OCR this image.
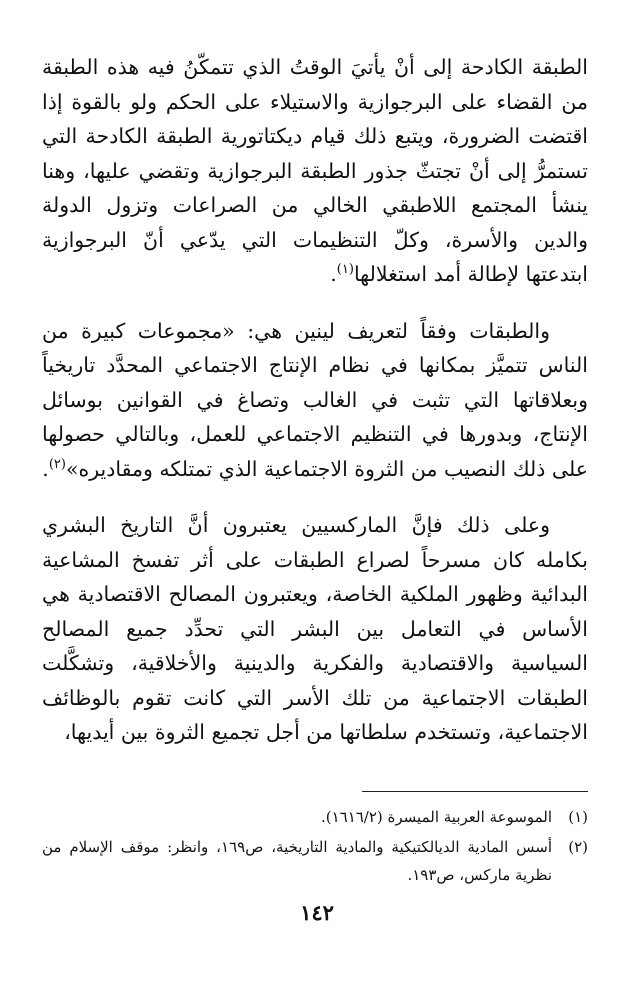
الطبقة الكادحة إلى أنْ يأتيَ الوقتُ الذي تتمكّنُ فيه هذه الطبقة من القضاء على البرجوازية والاستيلاء على الحكم ولو بالقوة إذا اقتضت الضرورة، ويتبع ذلك قيام ديكتاتورية الطبقة الكادحة التي تستمرُّ إلى أنْ تجتثّ جذور الطبقة البرجوازية وتقضي عليها، وهنا ينشأ المجتمع اللاطبقي الخالي من الصراعات وتزول الدولة والدين والأسرة، وكلّ التنظيمات التي يدّعي أنّ البرجوازية ابتدعتها لإطالة أمد استغلالها$^{(١)}$.

والطبقات وفقاً لتعريف لينين هي: «مجموعات كبيرة من الناس تتميَّز بمكانها في نظام الإنتاج الاجتماعي المحدَّد تاريخياً وبعلاقاتها التي تثبت في الغالب وتصاغ في القوانين بوسائل الإنتاج، وبدورها في التنظيم الاجتماعي للعمل، وبالتالي حصولها على ذلك النصيب من الثروة الاجتماعية الذي تمتلكه ومقاديره»$^{(٢)}$.

وعلى ذلك فإنَّ الماركسيين يعتبرون أنَّ التاريخ البشري بكامله كان مسرحاً لصراع الطبقات على أثر تفسخ المشاعية البدائية وظهور الملكية الخاصة، ويعتبرون المصالح الاقتصادية هي الأساس في التعامل بين البشر التي تحدِّد جميع المصالح السياسية والاقتصادية والفكرية والدينية والأخلاقية، وتشكَّلت الطبقات الاجتماعية من تلك الأسر التي كانت تقوم بالوظائف الاجتماعية، وتستخدم سلطاتها من أجل تجميع الثروة بين أيديها،

(١)
الموسوعة العربية الميسرة (١٦١٦/٢).
(٢)
أسس المادية الديالكتيكية والمادية التاريخية، ص١٦٩، وانظر: موقف الإسلام من نظرية ماركس، ص١٩٣.
١٤٢
